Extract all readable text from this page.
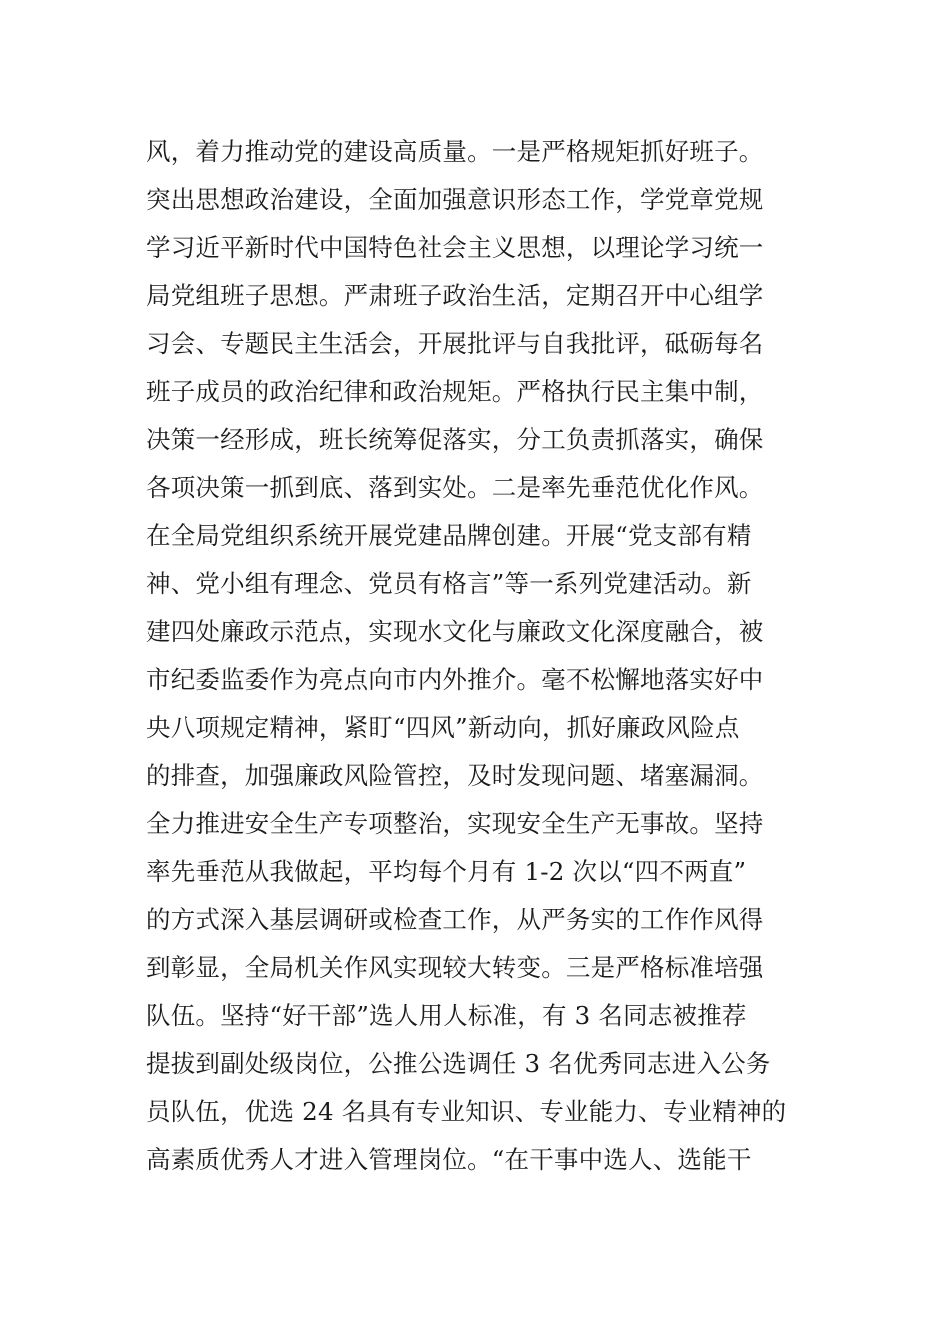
风，着力推动党的建设高质量。一是严格规矩抓好班子。
突出思想政治建设，全面加强意识形态工作，学党章党规
学习近平新时代中国特色社会主义思想，以理论学习统一
局党组班子思想。严肃班子政治生活，定期召开中心组学
习会、专题民主生活会，开展批评与自我批评，砥砺每名
班子成员的政治纪律和政治规矩。严格执行民主集中制，
决策一经形成，班长统筹促落实，分工负责抓落实，确保
各项决策一抓到底、落到实处。二是率先垂范优化作风。
在全局党组织系统开展党建品牌创建。开展“党支部有精
神、党小组有理念、党员有格言”等一系列党建活动。新
建四处廉政示范点，实现水文化与廉政文化深度融合，被
市纪委监委作为亮点向市内外推介。毫不松懈地落实好中
央八项规定精神，紧盯“四风”新动向，抓好廉政风险点
的排查，加强廉政风险管控，及时发现问题、堵塞漏洞。
全力推进安全生产专项整治，实现安全生产无事故。坚持
率先垂范从我做起，平均每个月有 1-2 次以“四不两直”
的方式深入基层调研或检查工作，从严务实的工作作风得
到彰显，全局机关作风实现较大转变。三是严格标准培强
队伍。坚持“好干部”选人用人标准，有 3 名同志被推荐
提拔到副处级岗位，公推公选调任 3 名优秀同志进入公务
员队伍，优选 24 名具有专业知识、专业能力、专业精神的
高素质优秀人才进入管理岗位。“在干事中选人、选能干
